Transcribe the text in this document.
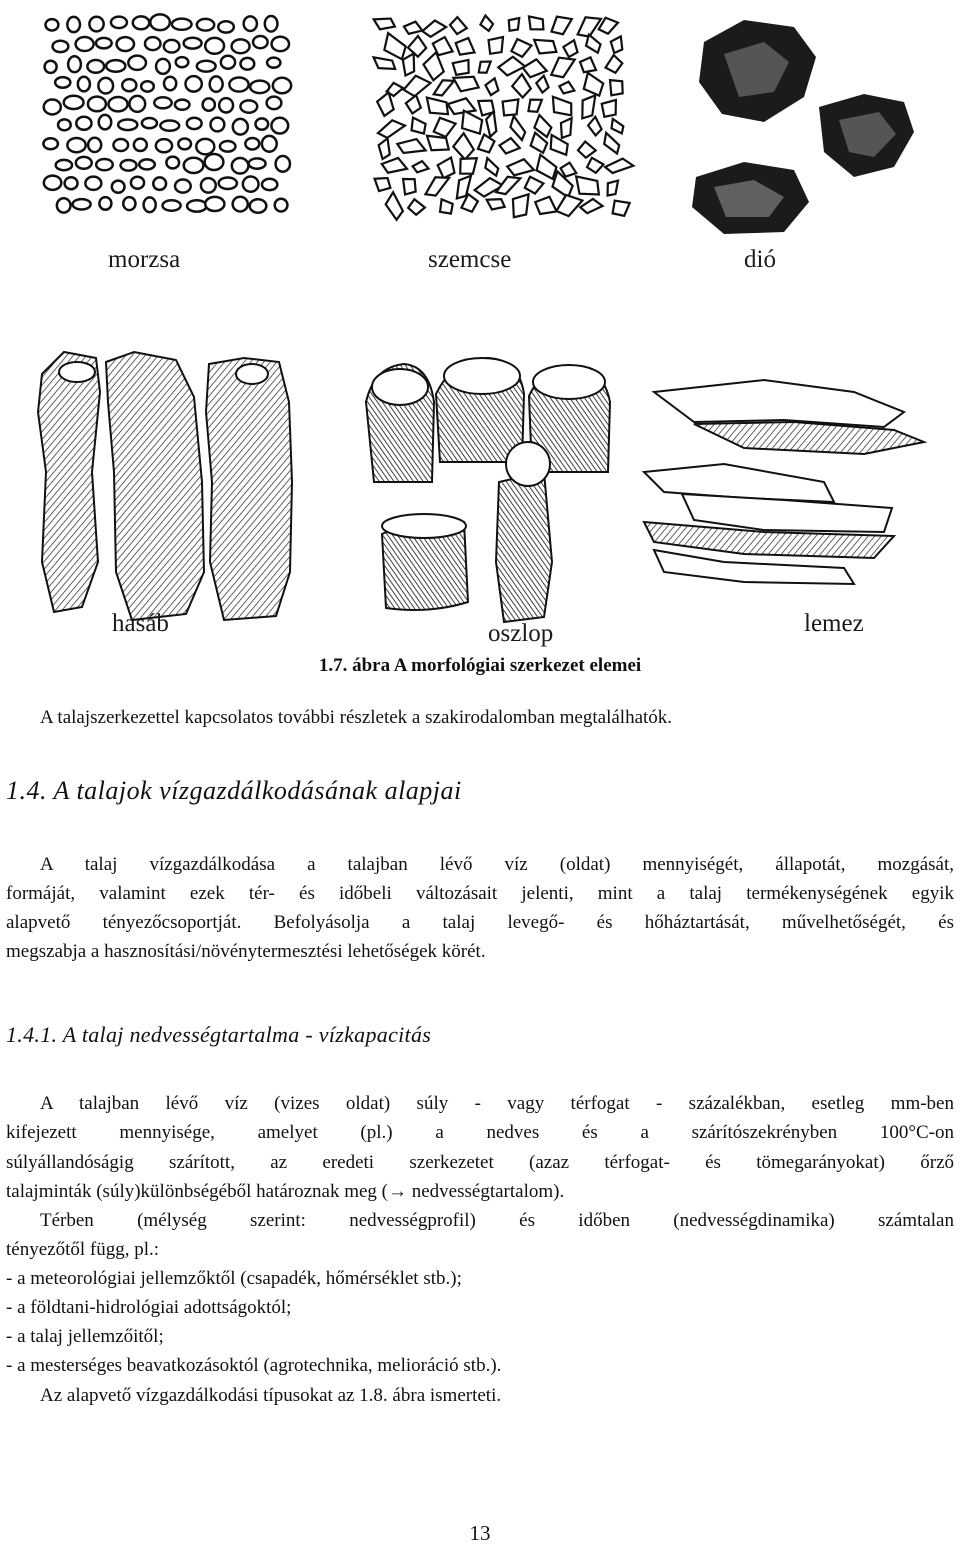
morzsa	szemcse	dió
hasáb	oszlop	lemez
1.7. ábra A morfológiai szerkezet elemei
A talajszerkezettel kapcsolatos további részletek a szakirodalomban megtalálhatók.
1.4. A talajok vízgazdálkodásának alapjai
A talaj vízgazdálkodása a talajban lévő víz (oldat) mennyiségét, állapotát, mozgását,
formáját, valamint ezek tér- és időbeli változásait jelenti, mint a talaj termékenységének egyik
alapvető tényezőcsoportját. Befolyásolja a talaj levegő- és hőháztartását, művelhetőségét, és
megszabja a hasznosítási/növénytermesztési lehetőségek körét.
1.4.1. A talaj nedvességtartalma - vízkapacitás
A talajban lévő víz (vizes oldat) súly - vagy térfogat - százalékban, esetleg mm-ben
kifejezett mennyisége, amelyet (pl.) a nedves és a szárítószekrényben 100°C-on
súlyállandóságig szárított, az eredeti szerkezetet (azaz térfogat- és tömegarányokat) őrző
talajminták (súly)különbségéből határoznak meg (→ nedvességtartalom).
Térben (mélység szerint: nedvességprofil) és időben (nedvességdinamika) számtalan
tényezőtől függ, pl.:
- a meteorológiai jellemzőktől (csapadék, hőmérséklet stb.);
- a földtani-hidrológiai adottságoktól;
- a talaj jellemzőitől;
- a mesterséges beavatkozásoktól (agrotechnika, melioráció stb.).
Az alapvető vízgazdálkodási típusokat az 1.8. ábra ismerteti.
13
